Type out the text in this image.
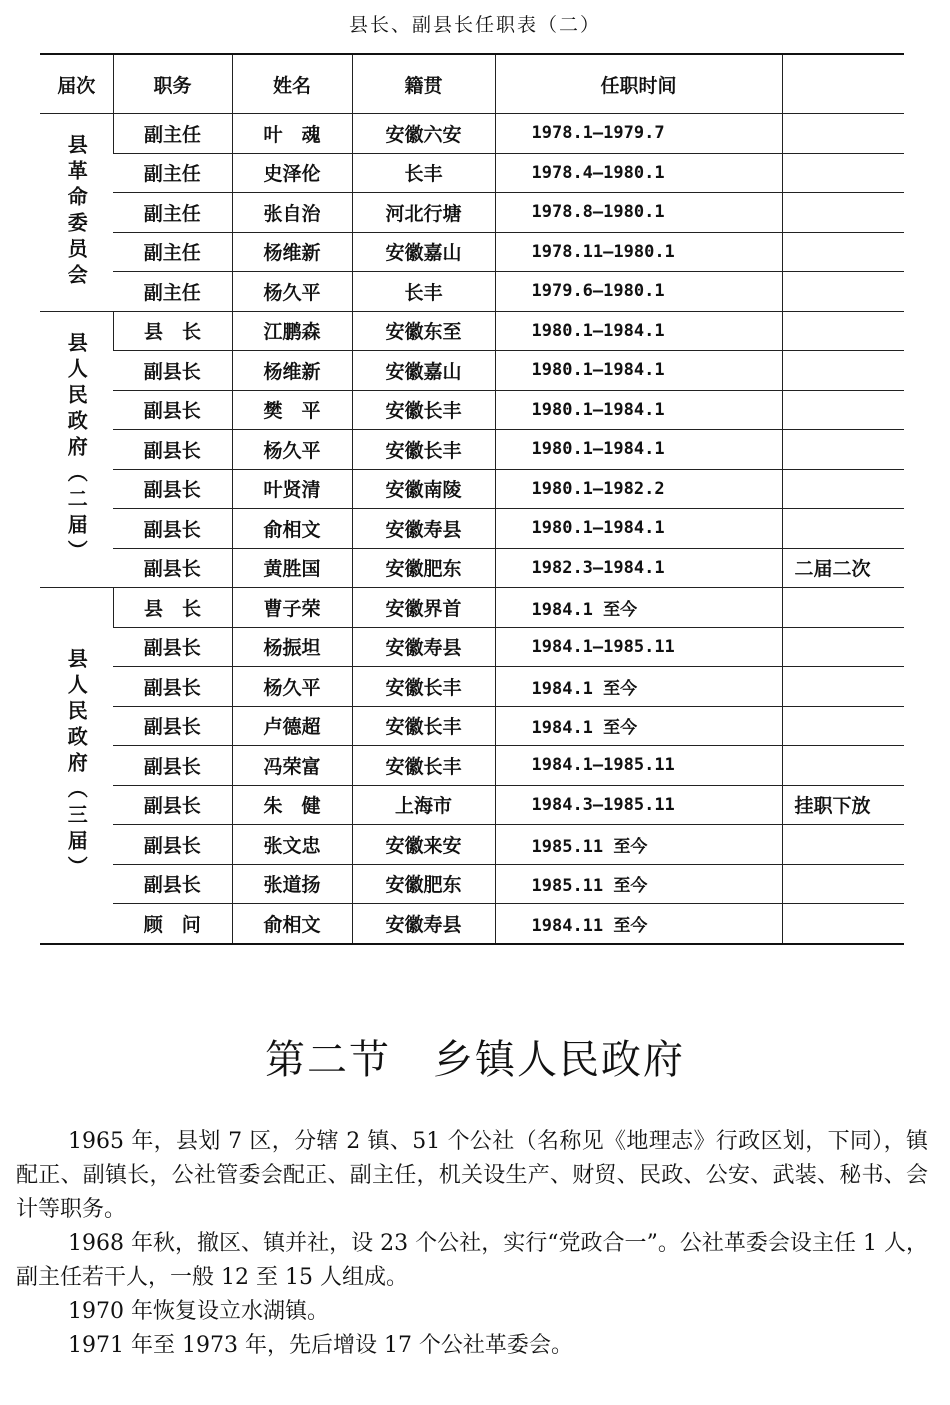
县长、副县长任职表（二）
届次	职务	姓名	籍贯	任职时间	
县革命委员会	副主任	叶　魂	安徽六安	1978.1—1979.7	
	副主任	史泽伦	长丰	1978.4—1980.1	
	副主任	张自治	河北行塘	1978.8—1980.1	
	副主任	杨维新	安徽嘉山	1978.11—1980.1	
	副主任	杨久平	长丰	1979.6—1980.1	
县人民政府︵二届︶	县　长	江鹏森	安徽东至	1980.1—1984.1	
	副县长	杨维新	安徽嘉山	1980.1—1984.1	
	副县长	樊　平	安徽长丰	1980.1—1984.1	
	副县长	杨久平	安徽长丰	1980.1—1984.1	
	副县长	叶贤清	安徽南陵	1980.1—1982.2	
	副县长	俞相文	安徽寿县	1980.1—1984.1	
	副县长	黄胜国	安徽肥东	1982.3—1984.1	二届二次
县人民政府︵三届︶	县　长	曹子荣	安徽界首	1984.1 至今	
	副县长	杨振坦	安徽寿县	1984.1—1985.11	
	副县长	杨久平	安徽长丰	1984.1 至今	
	副县长	卢德超	安徽长丰	1984.1 至今	
	副县长	冯荣富	安徽长丰	1984.1—1985.11	
	副县长	朱　健	上海市	1984.3—1985.11	挂职下放
	副县长	张文忠	安徽来安	1985.11 至今	
	副县长	张道扬	安徽肥东	1985.11 至今	
	顾　问	俞相文	安徽寿县	1984.11 至今	
第二节　乡镇人民政府

1965 年，县划 7 区，分辖 2 镇、51 个公社（名称见《地理志》行政区划，下同），镇配正、副镇长，公社管委会配正、副主任，机关设生产、财贸、民政、公安、武装、秘书、会计等职务。

1968 年秋，撤区、镇并社，设 23 个公社，实行“党政合一”。公社革委会设主任 1 人，副主任若干人，一般 12 至 15 人组成。

1970 年恢复设立水湖镇。

1971 年至 1973 年，先后增设 17 个公社革委会。
